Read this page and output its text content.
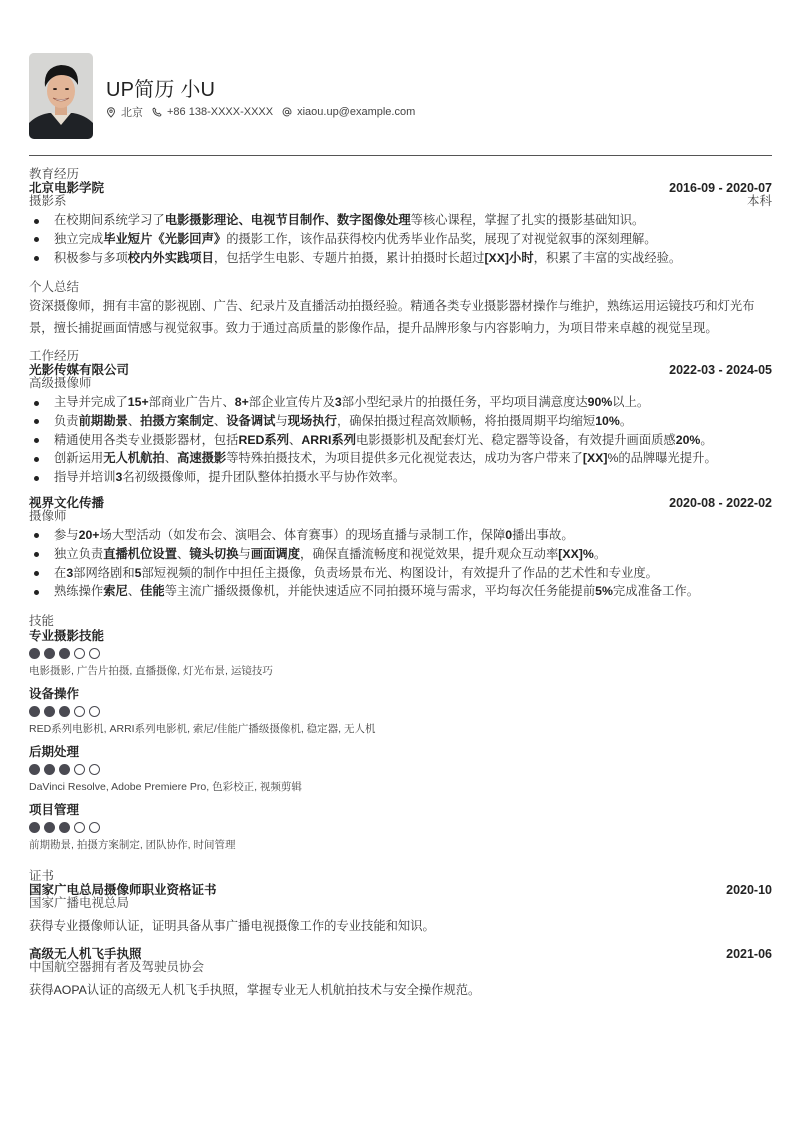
UP简历 小U
北京 +86 138-XXXX-XXXX xiaou.up@example.com
教育经历
北京电影学院	2016-09 - 2020-07
摄影系	本科
在校期间系统学习了电影摄影理论、电视节目制作、数字图像处理等核心课程，掌握了扎实的摄影基础知识。
独立完成毕业短片《光影回声》的摄影工作，该作品获得校内优秀毕业作品奖，展现了对视觉叙事的深刻理解。
积极参与多项校内外实践项目，包括学生电影、专题片拍摄，累计拍摄时长超过[XX]小时，积累了丰富的实战经验。
个人总结
资深摄像师，拥有丰富的影视剧、广告、纪录片及直播活动拍摄经验。精通各类专业摄影器材操作与维护，熟练运用运镜技巧和灯光布景，擅长捕捉画面情感与视觉叙事。致力于通过高质量的影像作品，提升品牌形象与内容影响力，为项目带来卓越的视觉呈现。
工作经历
光影传媒有限公司	2022-03 - 2024-05
高级摄像师
主导并完成了15+部商业广告片、8+部企业宣传片及3部小型纪录片的拍摄任务，平均项目满意度达90%以上。
负责前期勘景、拍摄方案制定、设备调试与现场执行，确保拍摄过程高效顺畅，将拍摄周期平均缩短10%。
精通使用各类专业摄影器材，包括RED系列、ARRI系列电影摄影机及配套灯光、稳定器等设备，有效提升画面质感20%。
创新运用无人机航拍、高速摄影等特殊拍摄技术，为项目提供多元化视觉表达，成功为客户带来了[XX]%的品牌曝光提升。
指导并培训3名初级摄像师，提升团队整体拍摄水平与协作效率。
视界文化传播	2020-08 - 2022-02
摄像师
参与20+场大型活动（如发布会、演唱会、体育赛事）的现场直播与录制工作，保障0播出事故。
独立负责直播机位设置、镜头切换与画面调度，确保直播流畅度和视觉效果，提升观众互动率[XX]%。
在3部网络剧和5部短视频的制作中担任主摄像，负责场景布光、构图设计，有效提升了作品的艺术性和专业度。
熟练操作索尼、佳能等主流广播级摄像机，并能快速适应不同拍摄环境与需求，平均每次任务能提前5%完成准备工作。
技能
专业摄影技能
电影摄影, 广告片拍摄, 直播摄像, 灯光布景, 运镜技巧
设备操作
RED系列电影机, ARRI系列电影机, 索尼/佳能广播级摄像机, 稳定器, 无人机
后期处理
DaVinci Resolve, Adobe Premiere Pro, 色彩校正, 视频剪辑
项目管理
前期勘景, 拍摄方案制定, 团队协作, 时间管理
证书
国家广电总局摄像师职业资格证书	2020-10
国家广播电视总局
获得专业摄像师认证，证明具备从事广播电视摄像工作的专业技能和知识。
高级无人机飞手执照	2021-06
中国航空器拥有者及驾驶员协会
获得AOPA认证的高级无人机飞手执照，掌握专业无人机航拍技术与安全操作规范。
